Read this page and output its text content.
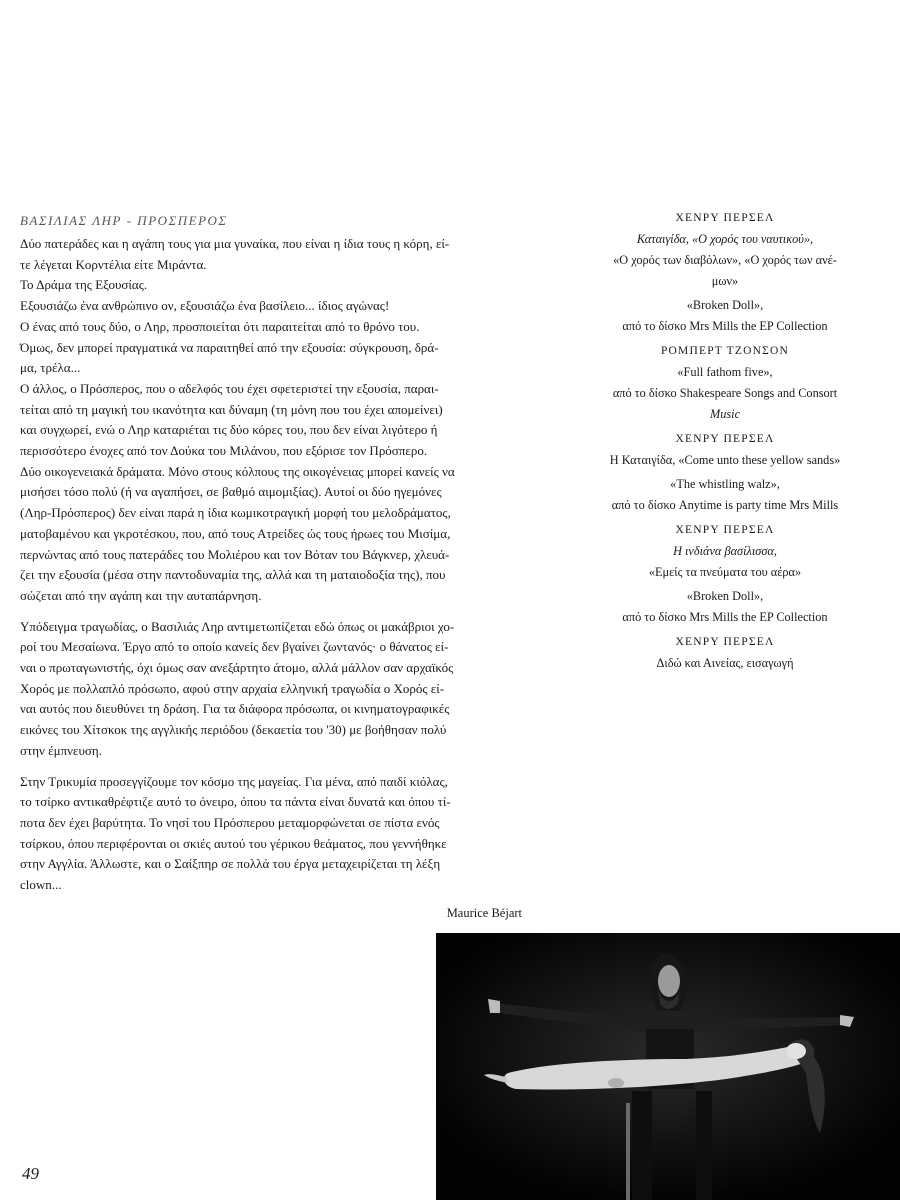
ΒΑΣΙΛΙΑΣ ΛΗΡ - ΠΡΟΣΠΕΡΟΣ
Δύο πατεράδες και η αγάπη τους για μια γυναίκα, που είναι η ίδια τους η κόρη, εί-
τε λέγεται Κορντέλια είτε Μιράντα.
Το Δράμα της Εξουσίας.
Εξουσιάζω ένα ανθρώπινο ον, εξουσιάζω ένα βασίλειο... ίδιος αγώνας!
Ο ένας από τους δύο, ο Ληρ, προσποιείται ότι παραιτείται από το θρόνο του.
Όμως, δεν μπορεί πραγματικά να παραιτηθεί από την εξουσία: σύγκρουση, δρά-
μα, τρέλα...
Ο άλλος, ο Πρόσπερος, που ο αδελφός του έχει σφετεριστεί την εξουσία, παραι-
τείται από τη μαγική του ικανότητα και δύναμη (τη μόνη που του έχει απομείνει)
και συγχωρεί, ενώ ο Ληρ καταριέται τις δύο κόρες του, που δεν είναι λιγότερο ή
περισσότερο ένοχες από τον Δούκα του Μιλάνου, που εξόρισε τον Πρόσπερο.
Δύο οικογενειακά δράματα. Μόνο στους κόλπους της οικογένειας μπορεί κανείς να
μισήσει τόσο πολύ (ή να αγαπήσει, σε βαθμό αιμομιξίας). Αυτοί οι δύο ηγεμόνες
(Ληρ-Πρόσπερος) δεν είναι παρά η ίδια κωμικοτραγική μορφή του μελοδράματος,
ματοβαμένου και γκροτέσκου, που, από τους Ατρείδες ώς τους ήρωες του Μισίμα,
περνώντας από τους πατεράδες του Μολιέρου και τον Βόταν του Βάγκνερ, χλευά-
ζει την εξουσία (μέσα στην παντοδυναμία της, αλλά και τη ματαιοδοξία της), που
σώζεται από την αγάπη και την αυταπάρνηση.
Υπόδειγμα τραγωδίας, ο Βασιλιάς Ληρ αντιμετωπίζεται εδώ όπως οι μακάβριοι χο-
ροί του Μεσαίωνα. Έργο από το οποίο κανείς δεν βγαίνει ζωντανός· ο θάνατος εί-
ναι ο πρωταγωνιστής, όχι όμως σαν ανεξάρτητο άτομο, αλλά μάλλον σαν αρχαϊκός
Χορός με πολλαπλό πρόσωπο, αφού στην αρχαία ελληνική τραγωδία ο Χορός εί-
ναι αυτός που διευθύνει τη δράση. Για τα διάφορα πρόσωπα, οι κινηματογραφικές
εικόνες του Χίτσκοκ της αγγλικής περιόδου (δεκαετία του '30) με βοήθησαν πολύ
στην έμπνευση.
Στην Τρικυμία προσεγγίζουμε τον κόσμο της μαγείας. Για μένα, από παιδί κιόλας,
το τσίρκο αντικαθρέφτιζε αυτό το όνειρο, όπου τα πάντα είναι δυνατά και όπου τί-
ποτα δεν έχει βαρύτητα. Το νησί του Πρόσπερου μεταμορφώνεται σε πίστα ενός
τσίρκου, όπου περιφέρονται οι σκιές αυτού του γέρικου θεάματος, που γεννήθηκε
στην Αγγλία. Άλλωστε, και ο Σαίξπηρ σε πολλά του έργα μεταχειρίζεται τη λέξη
clown...
Maurice Béjart
ΧΕΝΡΥ ΠΕΡΣΕΛ
Καταιγίδα, «Ο χορός του ναυτικού»,
«Ο χορός των διαβόλων», «Ο χορός των ανέ-
μων»
«Broken Doll»,
από το δίσκο Mrs Mills the EP Collection
ΡΟΜΠΕΡΤ ΤΖΟΝΣΟΝ
«Full fathom five»,
από το δίσκο Shakespeare Songs and Consort
Music
ΧΕΝΡΥ ΠΕΡΣΕΛ
Η Καταιγίδα, «Come unto these yellow sands»
«The whistling walz»,
από το δίσκο Anytime is party time Mrs Mills
ΧΕΝΡΥ ΠΕΡΣΕΛ
Η ινδιάνα βασίλισσα,
«Εμείς τα πνεύματα του αέρα»
«Broken Doll»,
από το δίσκο Mrs Mills the EP Collection
ΧΕΝΡΥ ΠΕΡΣΕΛ
Διδώ και Αινείας, εισαγωγή
49
